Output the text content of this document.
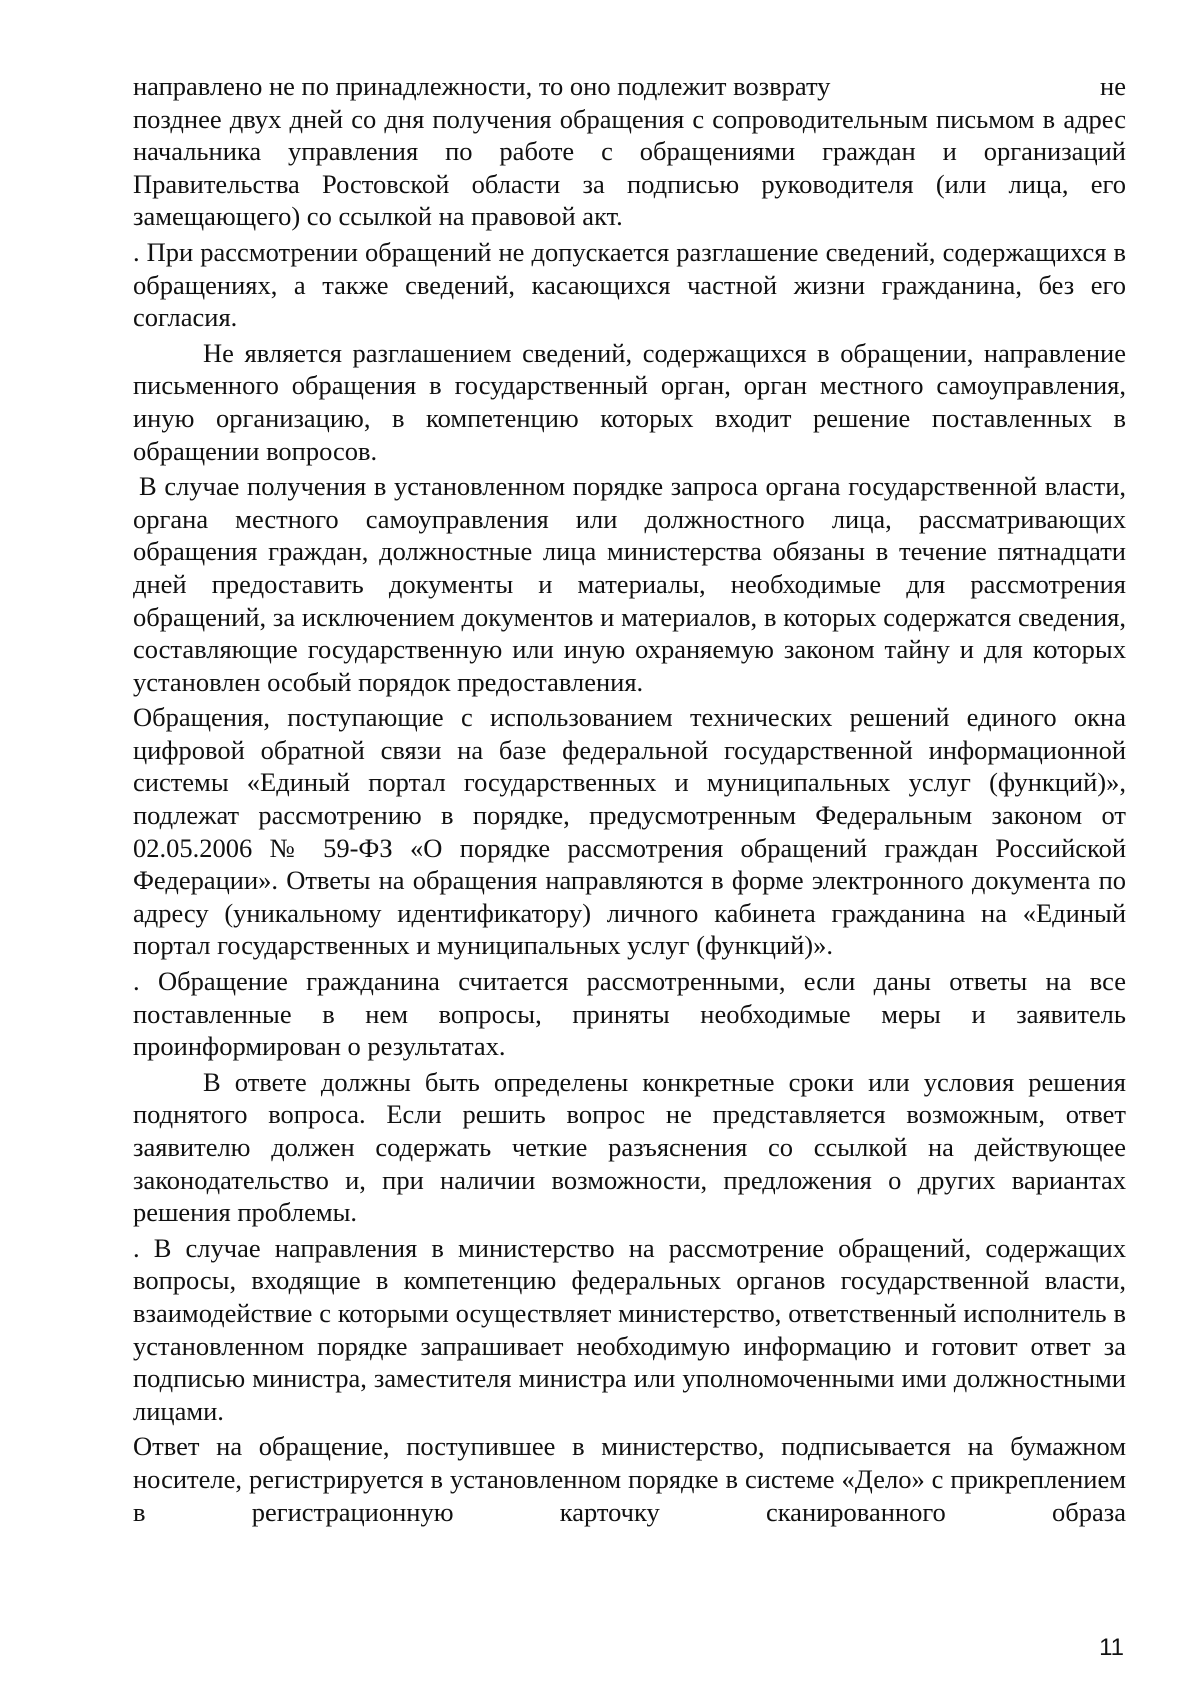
направлено не по принадлежности, то оно подлежит возврату	не

позднее двух дней со дня получения обращения с сопроводительным письмом в адрес начальника управления по работе с обращениями граждан и организаций Правительства Ростовской области за подписью руководителя (или лица, его замещающего) со ссылкой на правовой акт.

. При рассмотрении обращений не допускается разглашение сведений, содержащихся в обращениях, а также сведений, касающихся частной жизни гражданина, без его согласия.

Не является разглашением сведений, содержащихся в обращении, направление письменного обращения в государственный орган, орган местного самоуправления, иную организацию, в компетенцию которых входит решение поставленных в обращении вопросов.

В случае получения в установленном порядке запроса органа государственной власти, органа местного самоуправления или должностного лица, рассматривающих обращения граждан, должностные лица министерства обязаны в течение пятнадцати дней предоставить документы и материалы, необходимые для рассмотрения обращений, за исключением документов и материалов, в которых содержатся сведения, составляющие государственную или иную охраняемую законом тайну и для которых установлен особый порядок предоставления.

Обращения, поступающие с использованием технических решений единого окна цифровой обратной связи на базе федеральной государственной информационной системы «Единый портал государственных и муниципальных услуг (функций)», подлежат рассмотрению в порядке, предусмотренным Федеральным законом от 02.05.2006 № 59-ФЗ «О порядке рассмотрения обращений граждан Российской Федерации». Ответы на обращения направляются в форме электронного документа по адресу (уникальному идентификатору) личного кабинета гражданина на «Единый портал государственных и муниципальных услуг (функций)».

. Обращение гражданина считается рассмотренными, если даны ответы на все поставленные в нем вопросы, приняты необходимые меры и заявитель проинформирован о результатах.

В ответе должны быть определены конкретные сроки или условия решения поднятого вопроса. Если решить вопрос не представляется возможным, ответ заявителю должен содержать четкие разъяснения со ссылкой на действующее законодательство и, при наличии возможности, предложения о других вариантах решения проблемы.

. В случае направления в министерство на рассмотрение обращений, содержащих вопросы, входящие в компетенцию федеральных органов государственной власти, взаимодействие с которыми осуществляет министерство, ответственный исполнитель в установленном порядке запрашивает необходимую информацию и готовит ответ за подписью министра, заместителя министра или уполномоченными ими должностными лицами.

Ответ на обращение, поступившее в министерство, подписывается на бумажном носителе, регистрируется в установленном порядке в системе «Дело» с прикреплением в регистрационную карточку сканированного образа

11
